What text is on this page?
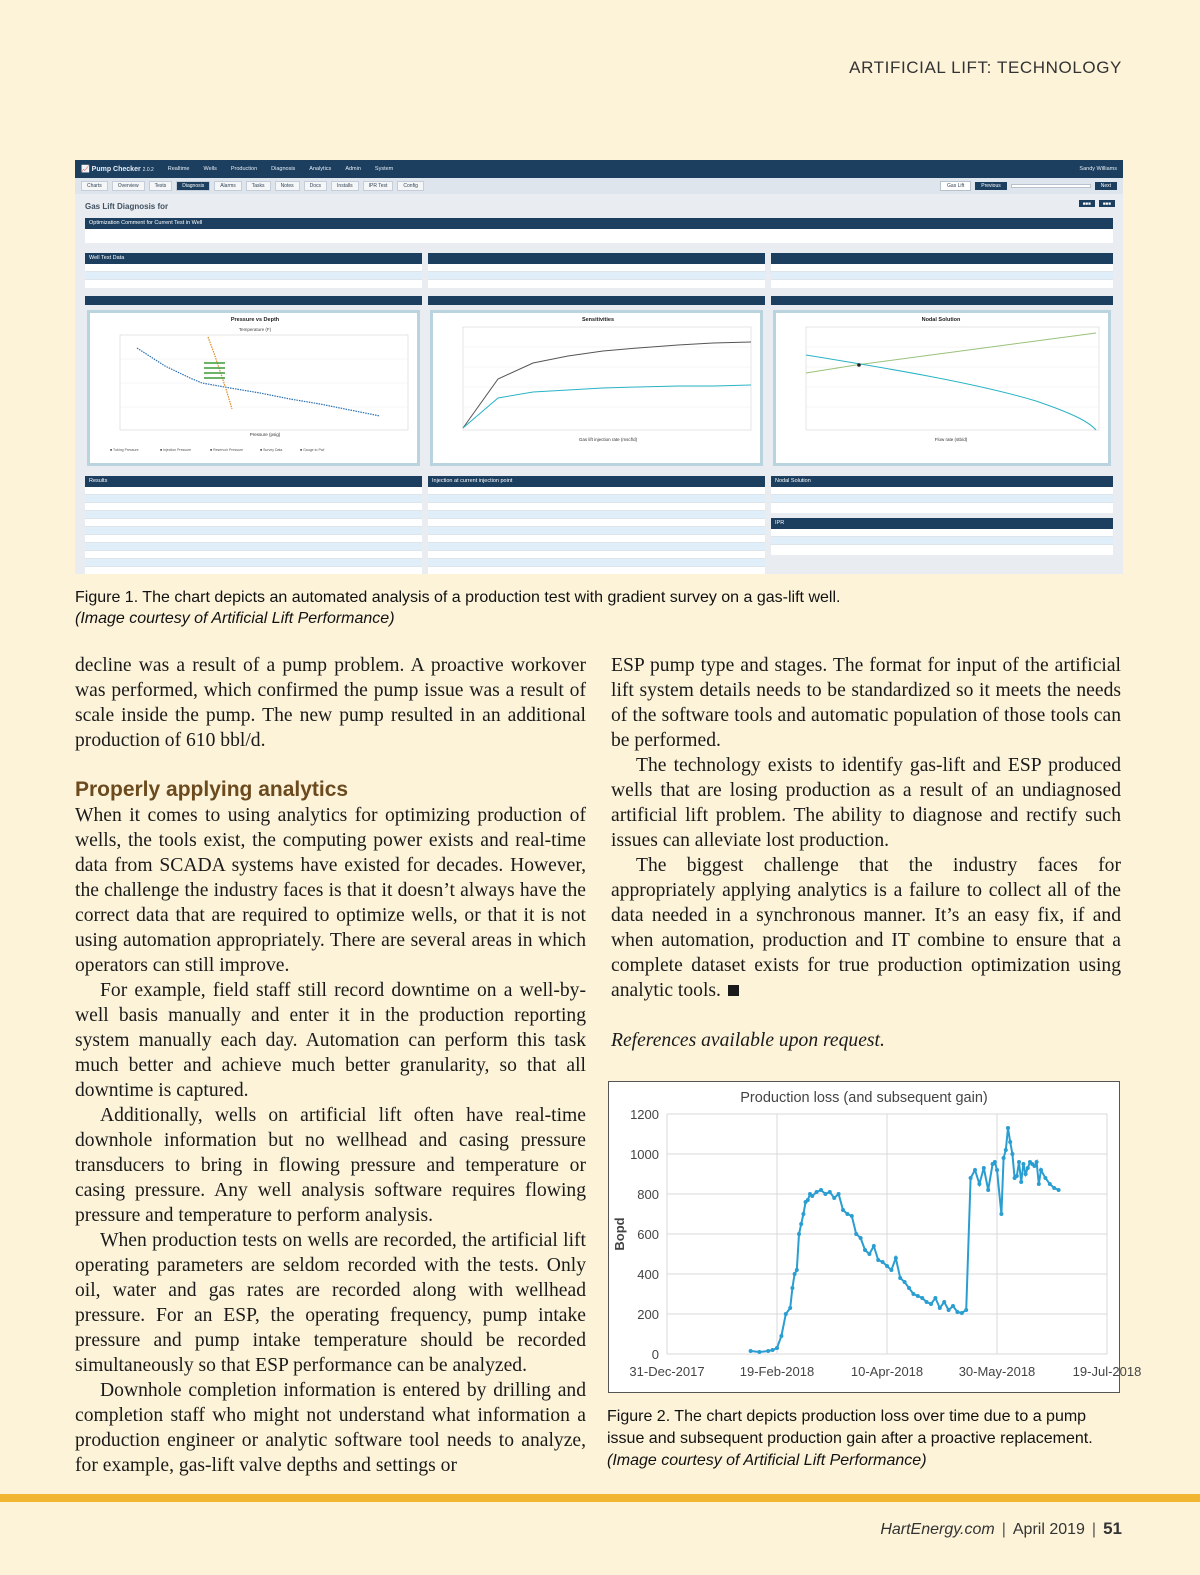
ARTIFICIAL LIFT: TECHNOLOGY
📈 Pump Checker 2.0.2	Realtime	Wells	Production	Diagnosis	Analytics	Admin	System	Sandy Williams
Charts	Overview	Tests	Diagnosis	Alarms	Tasks	Notes	Docs	Installs	IPR Test	Config	Gas Lift	Previous	Next
Gas Lift Diagnosis for	■■■	■■■
Optimization Comment for Current Test in Well
Well Test Data

Pressure vs Depth
Temperature (F)
Pressure (psig)
■ Tubing Pressure	■ Injection Pressure	■ Reservoir Pressure	■ Survey Data	■ Gauge to Pwf
Sensitivities
Gas lift injection rate (mscf/d)
Nodal Solution
Flow rate (stb/d)
Results	Injection at current injection point	Nodal Solution

IPR

Figure 1. The chart depicts an automated analysis of a production test with gradient survey on a gas-lift well.
(Image courtesy of Artificial Lift Performance)

decline was a result of a pump problem. A proactive workover was performed, which confirmed the pump issue was a result of scale inside the pump. The new pump resulted in an additional production of 610 bbl/d.

Properly applying analytics

When it comes to using analytics for optimizing production of wells, the tools exist, the computing power exists and real-time data from SCADA systems have existed for decades. However, the challenge the industry faces is that it doesn’t always have the correct data that are required to optimize wells, or that it is not using automation appropriately. There are several areas in which operators can still improve.

For example, field staff still record downtime on a well-by-well basis manually and enter it in the production reporting system manually each day. Automation can perform this task much better and achieve much better granularity, so that all downtime is captured.

Additionally, wells on artificial lift often have real-time downhole information but no wellhead and casing pressure transducers to bring in flowing pressure and temperature or casing pressure. Any well analysis software requires flowing pressure and temperature to perform analysis.

When production tests on wells are recorded, the artificial lift operating parameters are seldom recorded with the tests. Only oil, water and gas rates are recorded along with wellhead pressure. For an ESP, the operating frequency, pump intake pressure and pump intake temperature should be recorded simultaneously so that ESP performance can be analyzed.

Downhole completion information is entered by drilling and completion staff who might not understand what information a production engineer or analytic software tool needs to analyze, for example, gas-lift valve depths and settings or

ESP pump type and stages. The format for input of the artificial lift system details needs to be standardized so it meets the needs of the software tools and automatic population of those tools can be performed.

The technology exists to identify gas-lift and ESP produced wells that are losing production as a result of an undiagnosed artificial lift problem. The ability to diagnose and rectify such issues can alleviate lost production.

The biggest challenge that the industry faces for appropriately applying analytics is a failure to collect all of the data needed in a synchronous manner. It’s an easy fix, if and when automation, production and IT combine to ensure that a complete dataset exists for true production optimization using analytic tools.

References available upon request.

Production loss (and subsequent gain)
Bopd
0
200
400
600
800
1000
1200
31-Dec-2017	19-Feb-2018	10-Apr-2018	30-May-2018	19-Jul-2018
Figure 2. The chart depicts production loss over time due to a pump issue and subsequent production gain after a proactive replacement.
(Image courtesy of Artificial Lift Performance)
HartEnergy.com | April 2019 | 51
